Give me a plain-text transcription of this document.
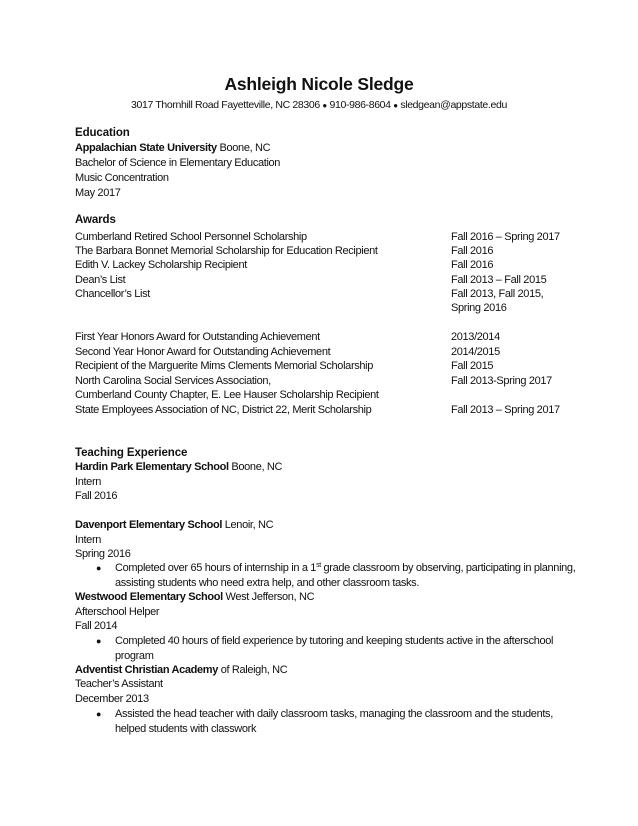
Ashleigh Nicole Sledge
3017 Thornhill Road Fayetteville, NC 28306 ● 910-986-8604 ● sledgean@appstate.edu
Education
Appalachian State University Boone, NC
Bachelor of Science in Elementary Education
Music Concentration
May 2017
Awards
Cumberland Retired School Personnel Scholarship	Fall 2016 – Spring 2017
The Barbara Bonnet Memorial Scholarship for Education Recipient	Fall 2016
Edith V. Lackey Scholarship Recipient	Fall 2016
Dean’s List	Fall 2013 – Fall 2015
Chancellor’s List	Fall 2013, Fall 2015,
Spring 2016
First Year Honors Award for Outstanding Achievement	2013/2014
Second Year Honor Award for Outstanding Achievement	2014/2015
Recipient of the Marguerite Mims Clements Memorial Scholarship	Fall 2015
North Carolina Social Services Association,	Fall 2013-Spring 2017
Cumberland County Chapter, E. Lee Hauser Scholarship Recipient
State Employees Association of NC, District 22, Merit Scholarship	Fall 2013 – Spring 2017
Teaching Experience
Hardin Park Elementary School Boone, NC
Intern
Fall 2016
Davenport Elementary School Lenoir, NC
Intern
Spring 2016
● Completed over 65 hours of internship in a 1st grade classroom by observing, participating in planning, assisting students who need extra help, and other classroom tasks.
Westwood Elementary School West Jefferson, NC
Afterschool Helper
Fall 2014
● Completed 40 hours of field experience by tutoring and keeping students active in the afterschool program
Adventist Christian Academy of Raleigh, NC
Teacher’s Assistant
December 2013
● Assisted the head teacher with daily classroom tasks, managing the classroom and the students, helped students with classwork
